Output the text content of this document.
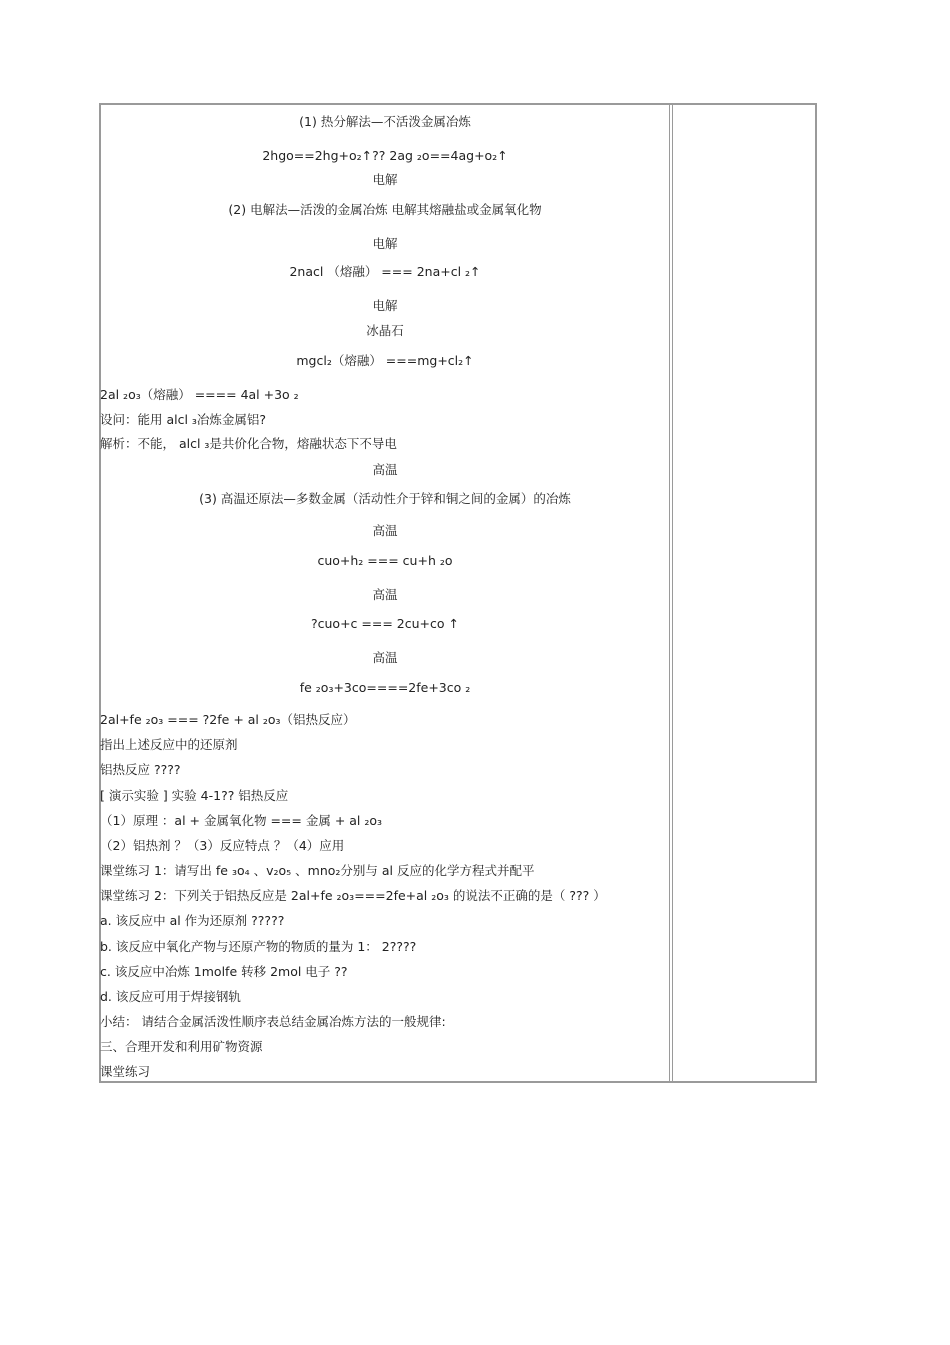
(1) 热分解法—不活泼金属冶炼
2hgo==2hg+o₂↑?? 2ag ₂o==4ag+o₂↑
电解
(2) 电解法—活泼的金属冶炼 电解其熔融盐或金属氧化物
电解
2nacl （熔融） === 2na+cl ₂↑
电解
冰晶石
mgcl₂（熔融） ===mg+cl₂↑
2al ₂o₃（熔融） ==== 4al +3o ₂
设问：能用 alcl ₃冶炼金属铝?
解析：不能， alcl ₃是共价化合物，熔融状态下不导电
高温
(3) 高温还原法—多数金属（活动性介于锌和铜之间的金属）的冶炼
高温
cuo+h₂ === cu+h ₂o
高温
?cuo+c === 2cu+co ↑
高温
fe ₂o₃+3co====2fe+3co ₂
2al+fe ₂o₃ === ?2fe + al ₂o₃（铝热反应）
指出上述反应中的还原剂
铝热反应 ????
[ 演示实验 ] 实验 4-1?? 铝热反应
（1）原理 ：al + 金属氧化物 === 金属 + al ₂o₃
（2）铝热剂 ？（3）反应特点 ？（4）应用
课堂练习 1：请写出 fe ₃o₄ 、v₂o₅ 、mno₂分别与 al 反应的化学方程式并配平
课堂练习 2：下列关于铝热反应是 2al+fe ₂o₃===2fe+al ₂o₃ 的说法不正确的是（ ??? ）
a. 该反应中 al 作为还原剂 ?????
b. 该反应中氧化产物与还原产物的物质的量为 1： 2????
c. 该反应中冶炼 1molfe 转移 2mol 电子 ??
d. 该反应可用于焊接钢轨
小结： 请结合金属活泼性顺序表总结金属冶炼方法的一般规律:
三、合理开发和利用矿物资源
课堂练习
